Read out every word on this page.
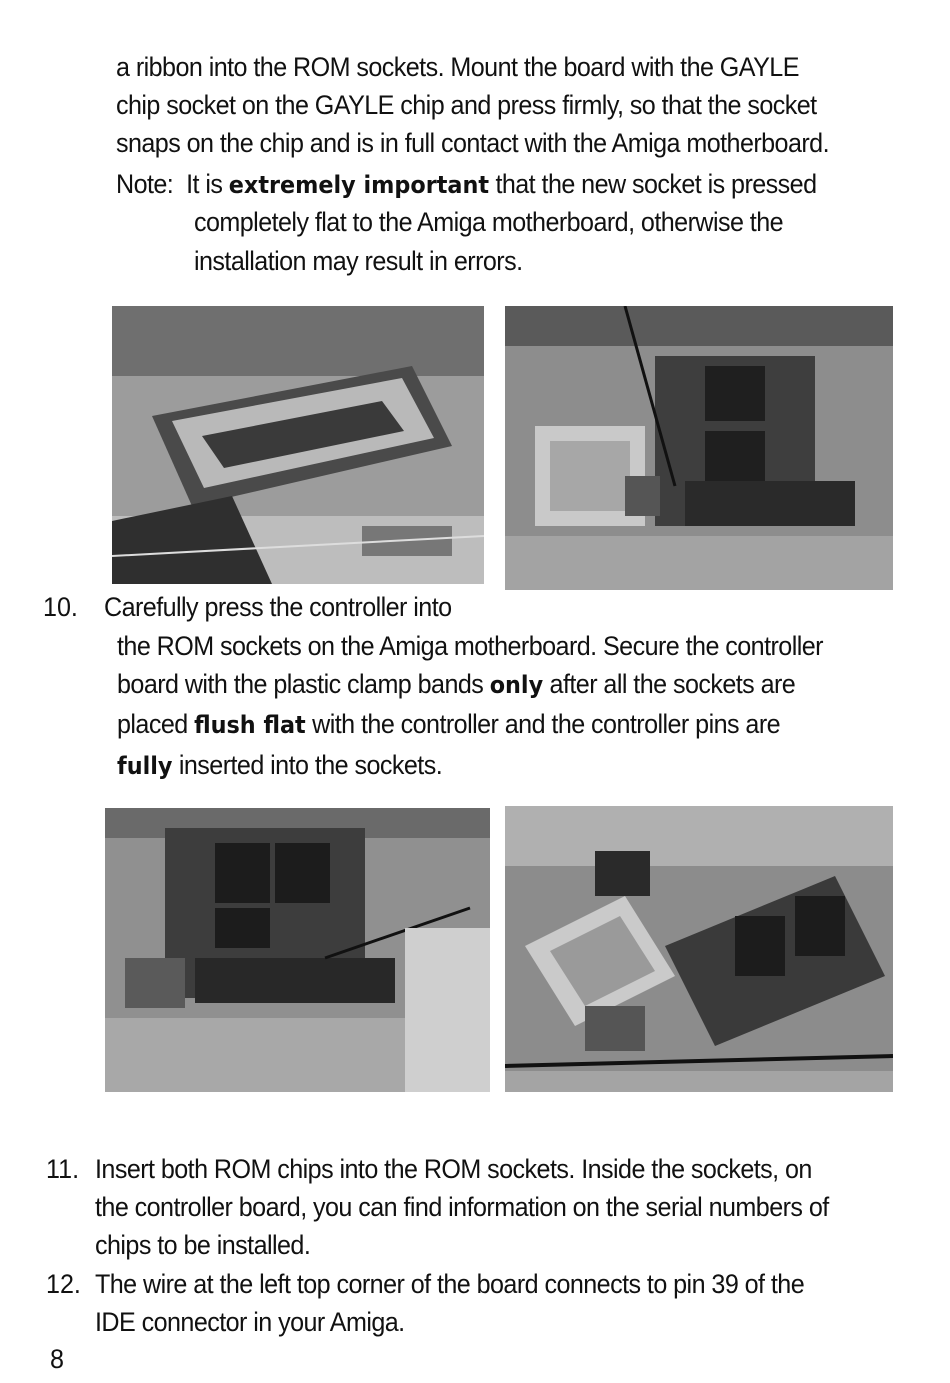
a ribbon into the ROM sockets. Mount the board with the GAYLE
chip socket on the GAYLE chip and press firmly, so that the socket
snaps on the chip and is in full contact with the Amiga motherboard.
Note: It is extremely important that the new socket is pressed
completely flat to the Amiga motherboard, otherwise the
installation may result in errors.
10. Carefully press the controller into
the ROM sockets on the Amiga motherboard. Secure the controller
board with the plastic clamp bands only after all the sockets are
placed flush flat with the controller and the controller pins are
fully inserted into the sockets.
11. Insert both ROM chips into the ROM sockets. Inside the sockets, on
the controller board, you can find information on the serial numbers of
chips to be installed.
12. The wire at the left top corner of the board connects to pin 39 of the
IDE connector in your Amiga.
8
